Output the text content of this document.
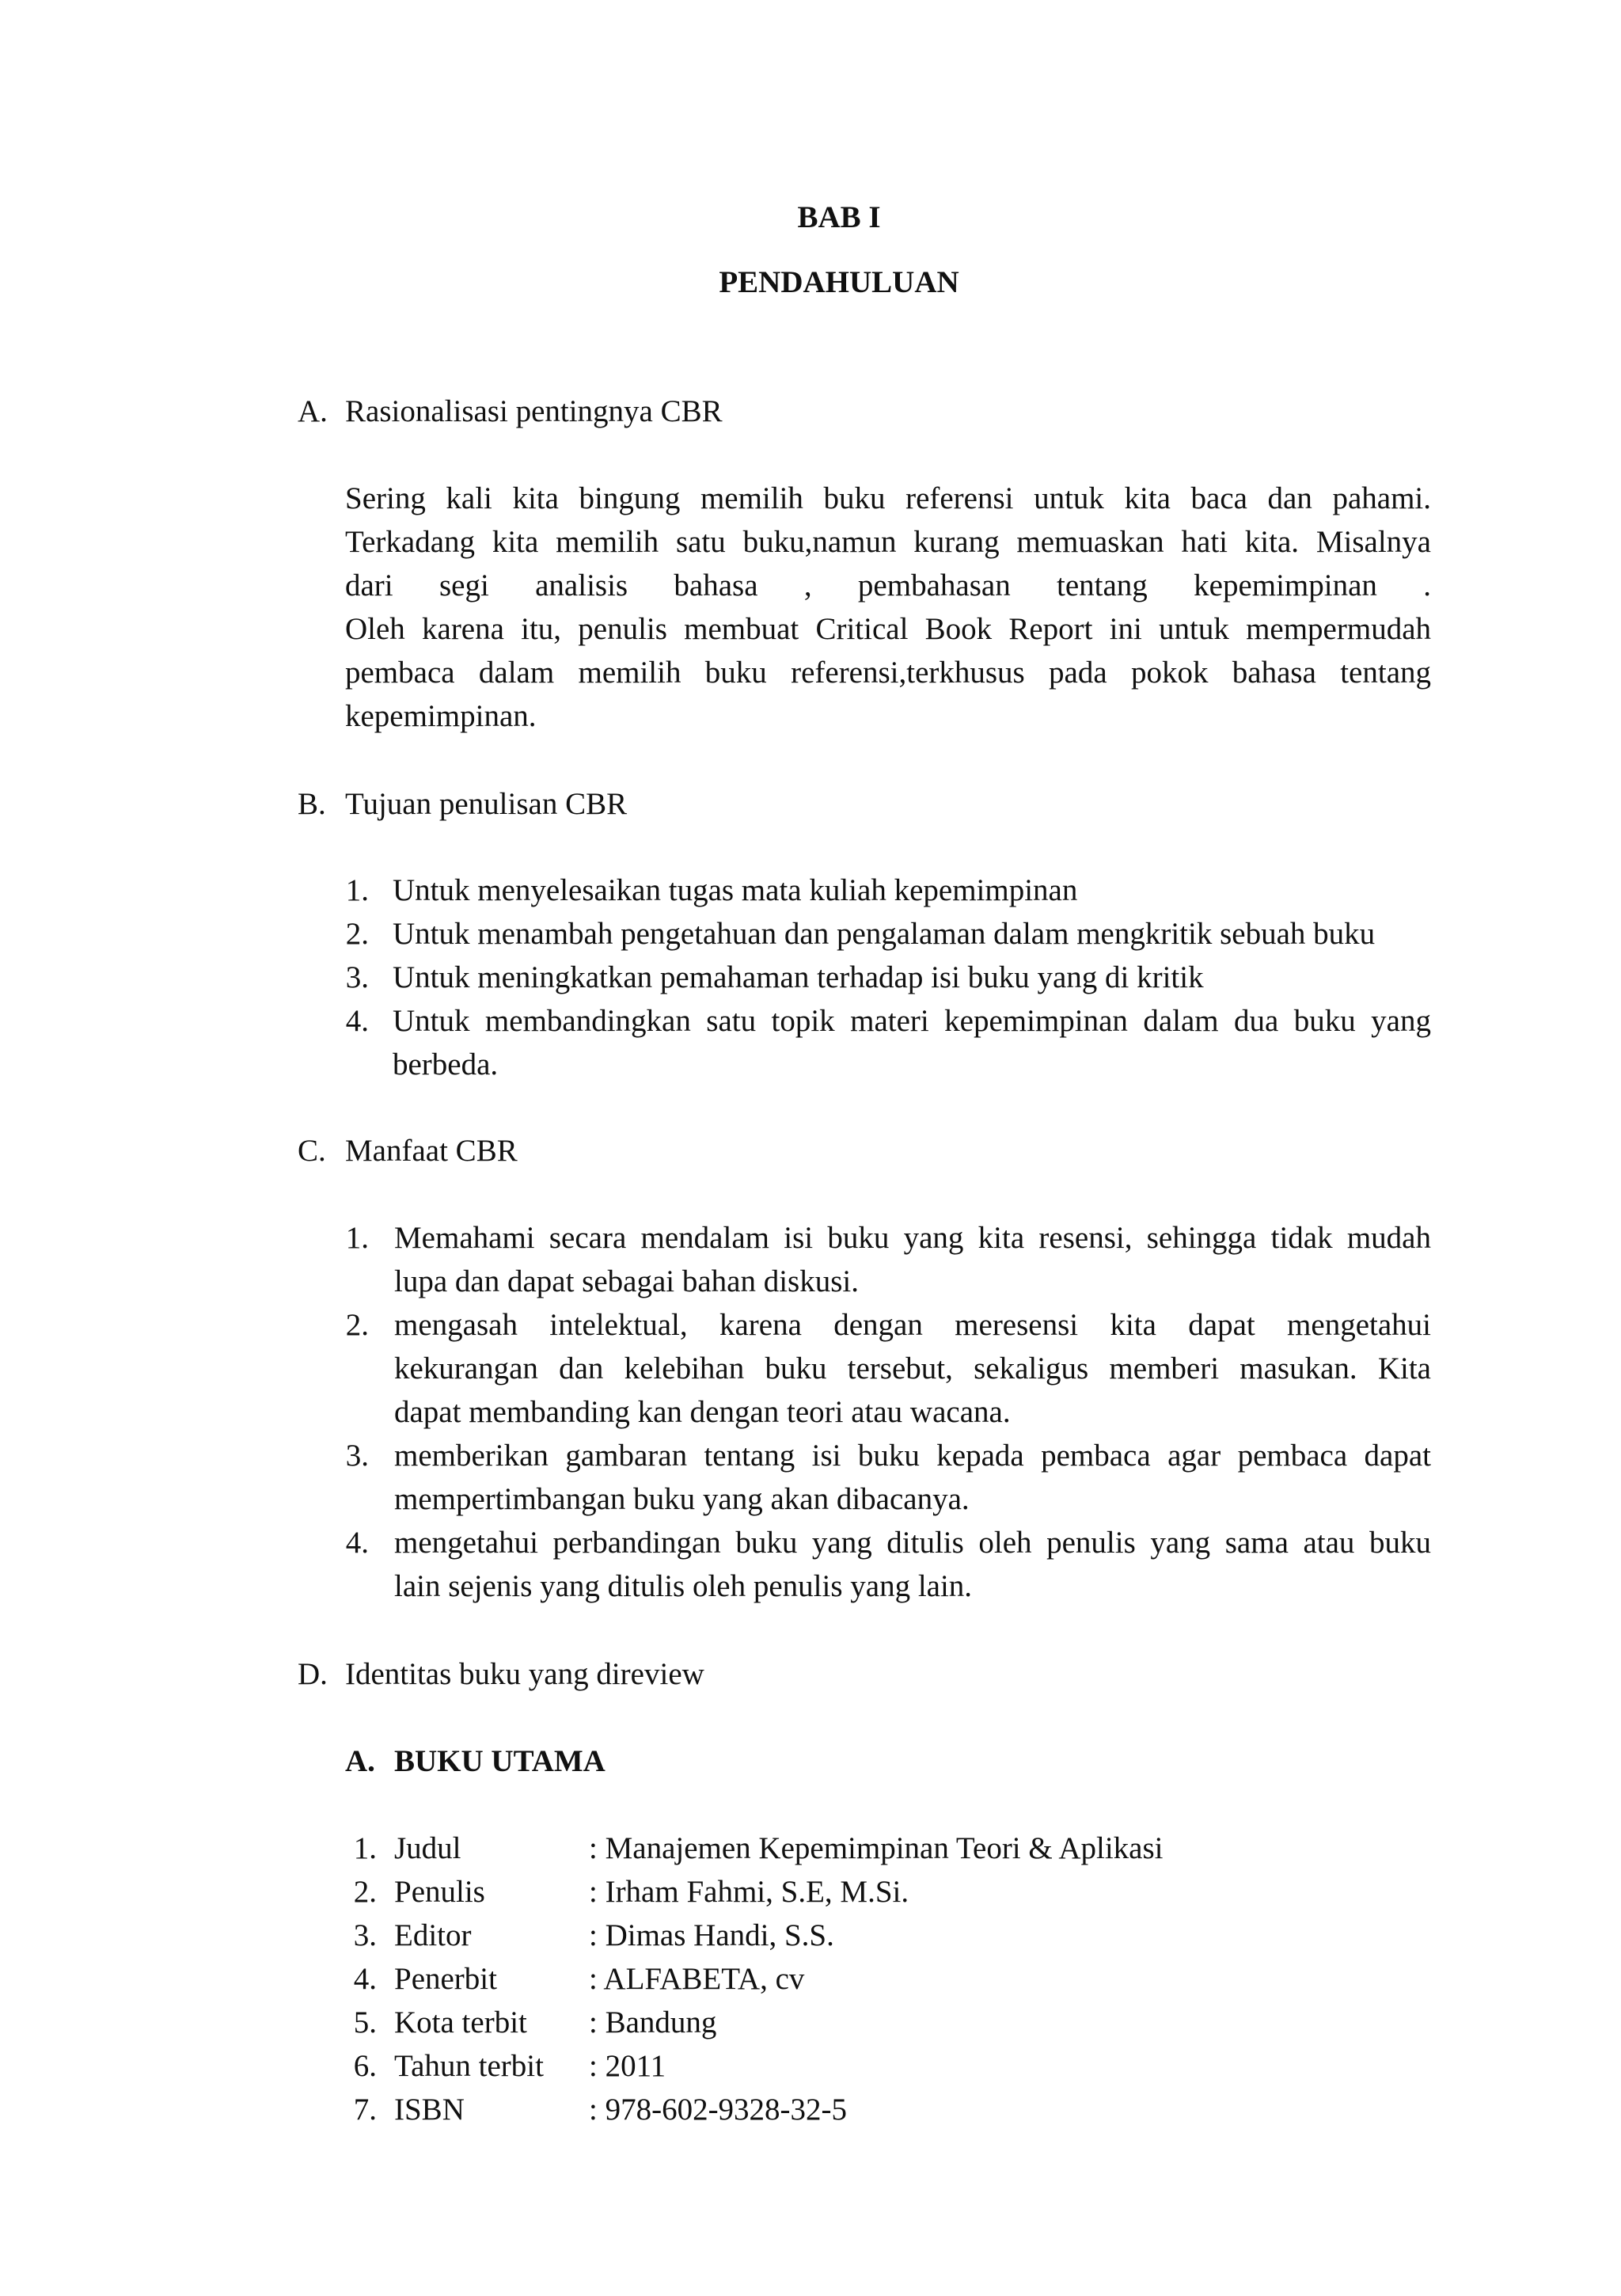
BAB I
PENDAHULUAN
A. Rasionalisasi pentingnya CBR
Sering kali kita bingung memilih buku referensi untuk kita baca dan pahami.
Terkadang kita memilih satu buku,namun kurang memuaskan hati kita. Misalnya
dari segi analisis bahasa , pembahasan tentang kepemimpinan .
Oleh karena itu, penulis membuat Critical Book Report ini untuk mempermudah
pembaca dalam memilih buku referensi,terkhusus pada pokok bahasa tentang
kepemimpinan.
B. Tujuan penulisan CBR
1. Untuk menyelesaikan tugas mata kuliah kepemimpinan
2. Untuk menambah pengetahuan dan pengalaman dalam mengkritik sebuah buku
3. Untuk meningkatkan pemahaman terhadap isi buku yang di kritik
4. Untuk membandingkan satu topik materi kepemimpinan dalam dua buku yang
berbeda.
C. Manfaat CBR
1. Memahami secara mendalam isi buku yang kita resensi, sehingga tidak mudah
lupa dan dapat sebagai bahan diskusi.
2. mengasah intelektual, karena dengan meresensi kita dapat mengetahui
kekurangan dan kelebihan buku tersebut, sekaligus memberi masukan. Kita
dapat membanding kan dengan teori atau wacana.
3. memberikan gambaran tentang isi buku kepada pembaca agar pembaca dapat
mempertimbangan buku yang akan dibacanya.
4. mengetahui perbandingan buku yang ditulis oleh penulis yang sama atau buku
lain sejenis yang ditulis oleh penulis yang lain.
D. Identitas buku yang direview
A. BUKU UTAMA
1. Judul	: Manajemen Kepemimpinan Teori & Aplikasi
2. Penulis	: Irham Fahmi, S.E, M.Si.
3. Editor	: Dimas Handi, S.S.
4. Penerbit	: ALFABETA, cv
5. Kota terbit : Bandung
6. Tahun terbit : 2011
7. ISBN	: 978-602-9328-32-5
